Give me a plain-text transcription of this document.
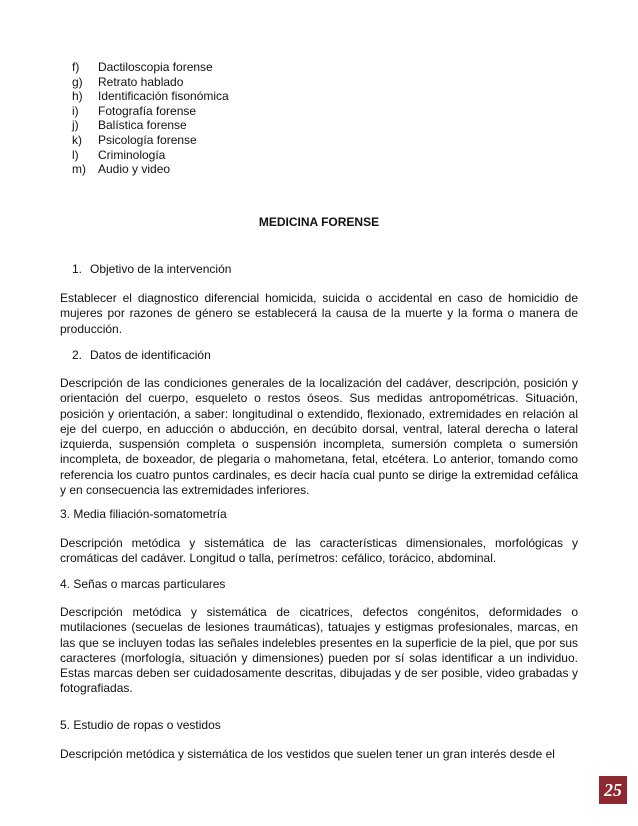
f) Dactiloscopia forense
g) Retrato hablado
h) Identificación fisonómica
i) Fotografía forense
j) Balística forense
k) Psicología forense
l) Criminología
m) Audio y video
MEDICINA FORENSE
1. Objetivo de la intervención

Establecer el diagnostico diferencial homicida, suicida o accidental en caso de homicidio de mujeres por razones de género se establecerá la causa de la muerte y la forma o manera de producción.

2. Datos de identificación

Descripción de las condiciones generales de la localización del cadáver, descripción, posición y orientación del cuerpo, esqueleto o restos óseos. Sus medidas antropométricas. Situación, posición y orientación, a saber: longitudinal o extendido, flexionado, extremidades en relación al eje del cuerpo, en aducción o abducción, en decúbito dorsal, ventral, lateral derecha o lateral izquierda, suspensión completa o suspensión incompleta, sumersión completa o sumersión incompleta, de boxeador, de plegaria o mahometana, fetal, etcétera. Lo anterior, tomando como referencia los cuatro puntos cardinales, es decir hacía cual punto se dirige la extremidad cefálica y en consecuencia las extremidades inferiores.

3. Media filiación-somatometría

Descripción metódica y sistemática de las características dimensionales, morfológicas y cromáticas del cadáver. Longitud o talla, perímetros: cefálico, torácico, abdominal.

4. Señas o marcas particulares

Descripción metódica y sistemática de cicatrices, defectos congénitos, deformidades o mutilaciones (secuelas de lesiones traumáticas), tatuajes y estigmas profesionales, marcas, en las que se incluyen todas las señales indelebles presentes en la superficie de la piel, que por sus caracteres (morfología, situación y dimensiones) pueden por sí solas identificar a un individuo. Estas marcas deben ser cuidadosamente descritas, dibujadas y de ser posible, video grabadas y fotografiadas.

5. Estudio de ropas o vestidos

Descripción metódica y sistemática de los vestidos que suelen tener un gran interés desde el

25
